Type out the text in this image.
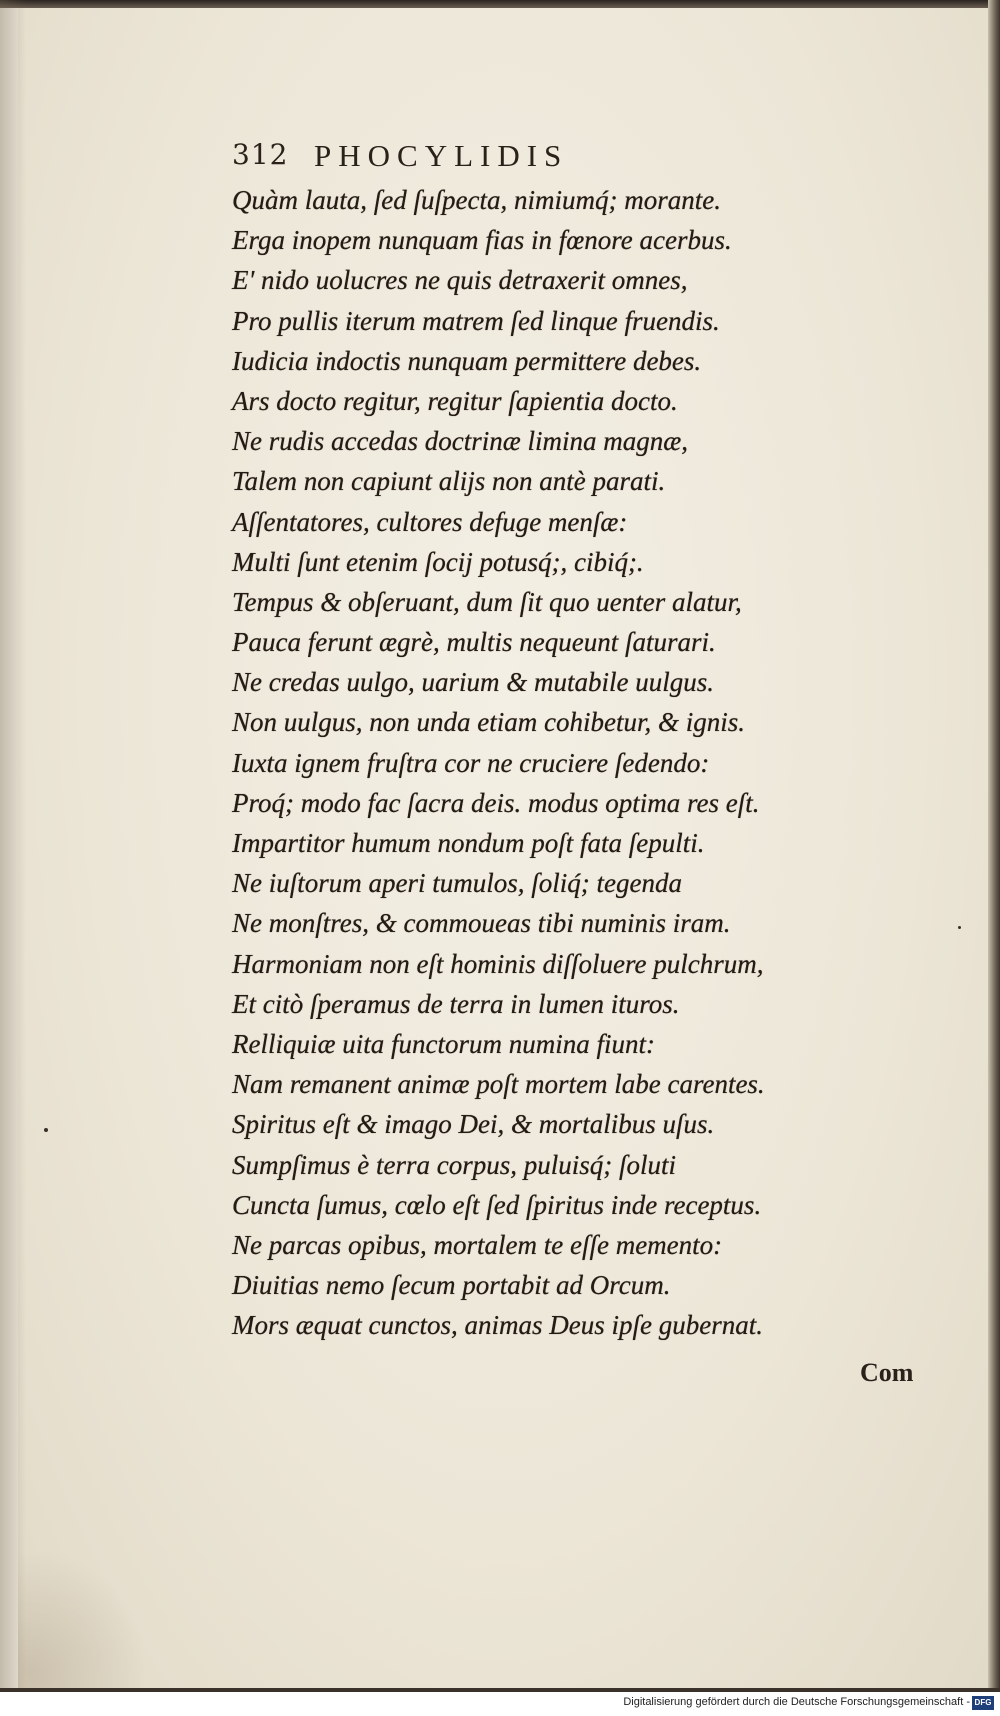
312 PHOCYLIDIS
Quàm lauta, ſed ſuſpecta, nimiumq́; morante.
Erga inopem nunquam fias in fœnore acerbus.
E' nido uolucres ne quis detraxerit omnes,
Pro pullis iterum matrem ſed linque fruendis.
Iudicia indoctis nunquam permittere debes.
Ars docto regitur, regitur ſapientia docto.
Ne rudis accedas doctrinæ limina magnæ,
Talem non capiunt alijs non antè parati.
Aſſentatores, cultores defuge menſæ:
Multi ſunt etenim ſocij potusq́;, cibiq́;.
Tempus & obſeruant, dum ſit quo uenter alatur,
Pauca ferunt ægrè, multis nequeunt ſaturari.
Ne credas uulgo, uarium & mutabile uulgus.
Non uulgus, non unda etiam cohibetur, & ignis.
Iuxta ignem fruſtra cor ne cruciere ſedendo:
Proq́; modo fac ſacra deis. modus optima res eſt.
Impartitor humum nondum poſt fata ſepulti.
Ne iuſtorum aperi tumulos, ſoliq́; tegenda
Ne monſtres, & commoueas tibi numinis iram.
Harmoniam non eſt hominis diſſoluere pulchrum,
Et citò ſperamus de terra in lumen ituros.
Relliquiæ uita functorum numina fiunt:
Nam remanent animæ poſt mortem labe carentes.
Spiritus eſt & imago Dei, & mortalibus uſus.
Sumpſimus è terra corpus, puluisq́; ſoluti
Cuncta ſumus, cœlo eſt ſed ſpiritus inde receptus.
Ne parcas opibus, mortalem te eſſe memento:
Diuitias nemo ſecum portabit ad Orcum.
Mors æquat cunctos, animas Deus ipſe gubernat.
Com
Digitalisierung gefördert durch die Deutsche Forschungsgemeinschaft - DFG
